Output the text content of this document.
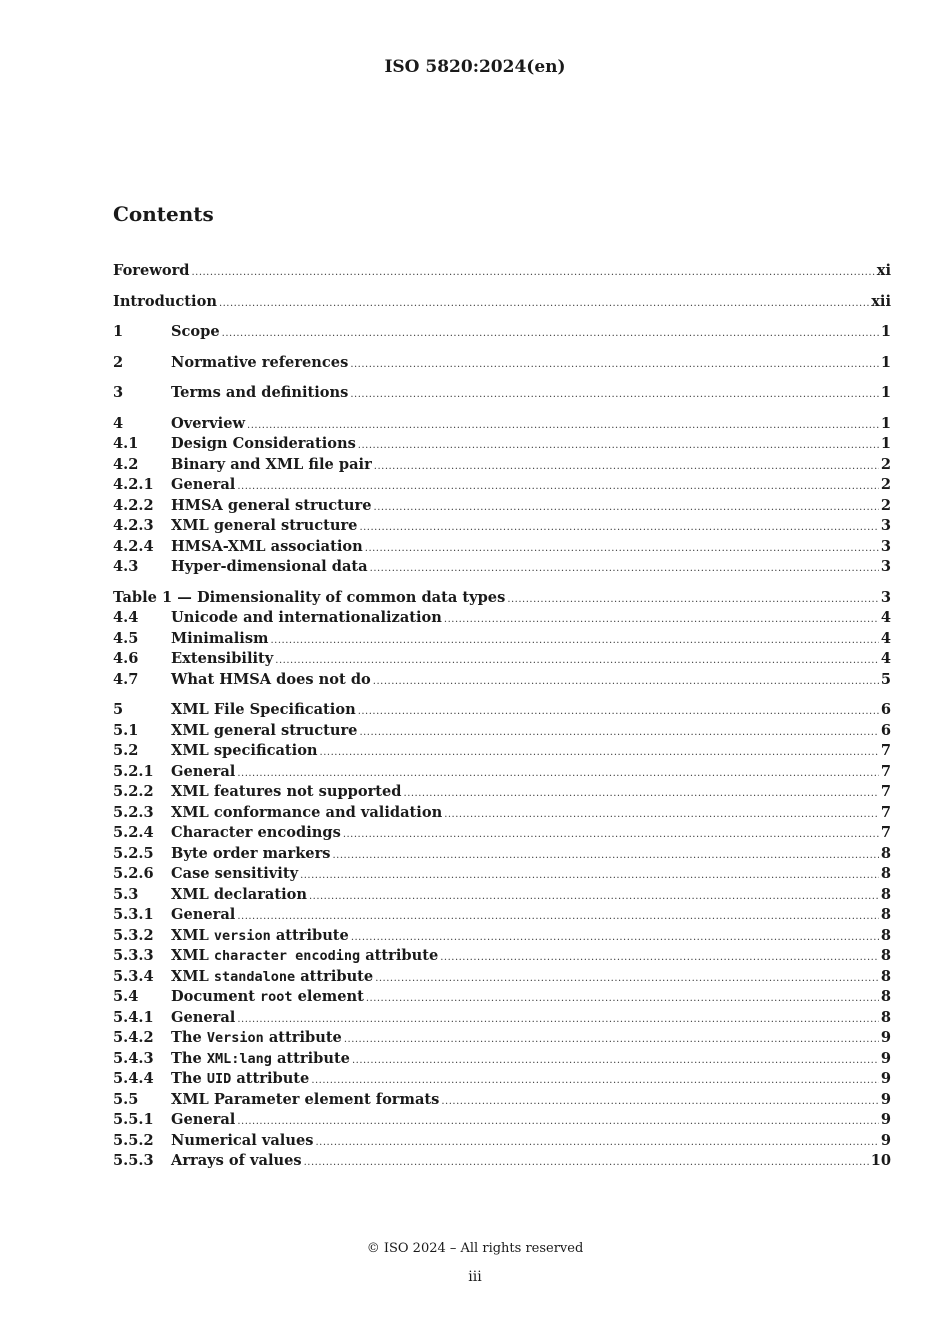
ISO 5820:2024(en)
Contents
Foreword .....	xi
Introduction .....	xii
1	Scope .....	1
2	Normative references .....	1
3	Terms and definitions .....	1
4	Overview .....	1
4.1	Design Considerations .....	1
4.2	Binary and XML file pair .....	2
4.2.1	General .....	2
4.2.2	HMSA general structure .....	2
4.2.3	XML general structure .....	3
4.2.4	HMSA-XML association .....	3
4.3	Hyper-dimensional data .....	3
Table 1 — Dimensionality of common data types .....	3
4.4	Unicode and internationalization .....	4
4.5	Minimalism .....	4
4.6	Extensibility .....	4
4.7	What HMSA does not do .....	5
5	XML File Specification .....	6
5.1	XML general structure .....	6
5.2	XML specification .....	7
5.2.1	General .....	7
5.2.2	XML features not supported .....	7
5.2.3	XML conformance and validation .....	7
5.2.4	Character encodings .....	7
5.2.5	Byte order markers .....	8
5.2.6	Case sensitivity .....	8
5.3	XML declaration .....	8
5.3.1	General .....	8
5.3.2	XML version attribute .....	8
5.3.3	XML character encoding attribute .....	8
5.3.4	XML standalone attribute .....	8
5.4	Document root element .....	8
5.4.1	General .....	8
5.4.2	The Version attribute .....	9
5.4.3	The XML:lang attribute .....	9
5.4.4	The UID attribute .....	9
5.5	XML Parameter element formats .....	9
5.5.1	General .....	9
5.5.2	Numerical values .....	9
5.5.3	Arrays of values .....	10
© ISO 2024 – All rights reserved
iii
